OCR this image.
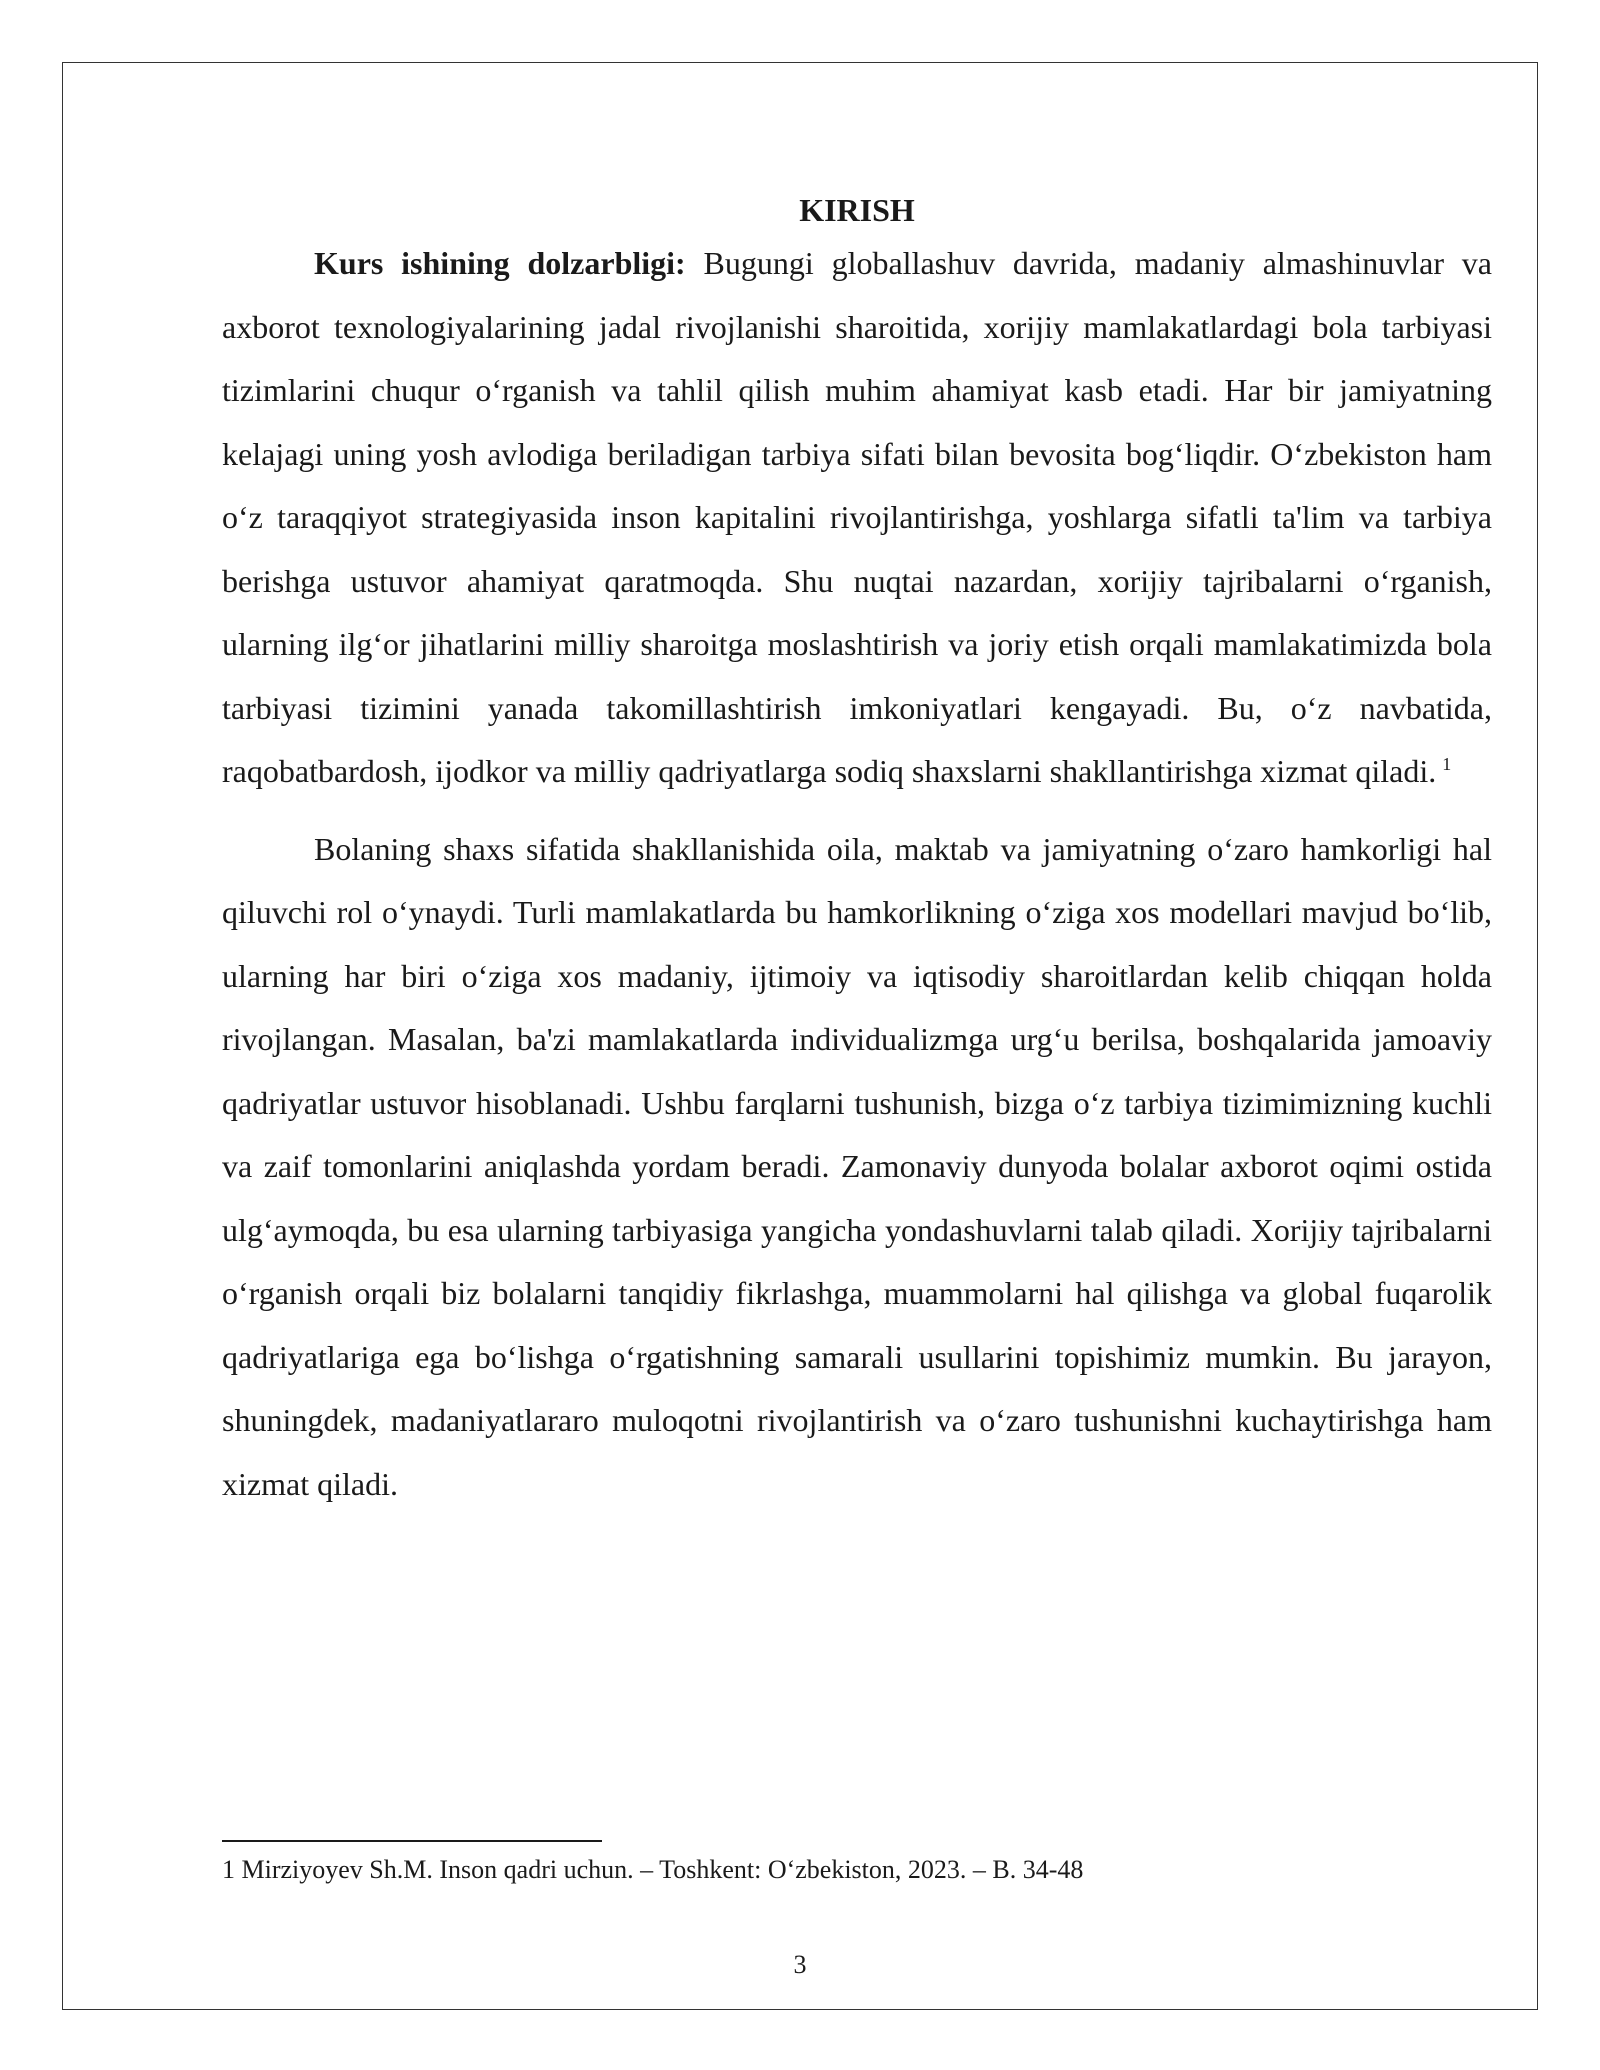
KIRISH

Kurs ishining dolzarbligi: Bugungi globallashuv davrida, madaniy almashinuvlar va axborot texnologiyalarining jadal rivojlanishi sharoitida, xorijiy mamlakatlardagi bola tarbiyasi tizimlarini chuqur o‘rganish va tahlil qilish muhim ahamiyat kasb etadi. Har bir jamiyatning kelajagi uning yosh avlodiga beriladigan tarbiya sifati bilan bevosita bog‘liqdir. O‘zbekiston ham o‘z taraqqiyot strategiyasida inson kapitalini rivojlantirishga, yoshlarga sifatli ta'lim va tarbiya berishga ustuvor ahamiyat qaratmoqda. Shu nuqtai nazardan, xorijiy tajribalarni o‘rganish, ularning ilg‘or jihatlarini milliy sharoitga moslashtirish va joriy etish orqali mamlakatimizda bola tarbiyasi tizimini yanada takomillashtirish imkoniyatlari kengayadi. Bu, o‘z navbatida, raqobatbardosh, ijodkor va milliy qadriyatlarga sodiq shaxslarni shakllantirishga xizmat qiladi. $^1$

Bolaning shaxs sifatida shakllanishida oila, maktab va jamiyatning o‘zaro hamkorligi hal qiluvchi rol o‘ynaydi. Turli mamlakatlarda bu hamkorlikning o‘ziga xos modellari mavjud bo‘lib, ularning har biri o‘ziga xos madaniy, ijtimoiy va iqtisodiy sharoitlardan kelib chiqqan holda rivojlangan. Masalan, ba'zi mamlakatlarda individualizmga urg‘u berilsa, boshqalarida jamoaviy qadriyatlar ustuvor hisoblanadi. Ushbu farqlarni tushunish, bizga o‘z tarbiya tizimimizning kuchli va zaif tomonlarini aniqlashda yordam beradi. Zamonaviy dunyoda bolalar axborot oqimi ostida ulg‘aymoqda, bu esa ularning tarbiyasiga yangicha yondashuvlarni talab qiladi. Xorijiy tajribalarni o‘rganish orqali biz bolalarni tanqidiy fikrlashga, muammolarni hal qilishga va global fuqarolik qadriyatlariga ega bo‘lishga o‘rgatishning samarali usullarini topishimiz mumkin. Bu jarayon, shuningdek, madaniyatlararo muloqotni rivojlantirish va o‘zaro tushunishni kuchaytirishga ham xizmat qiladi.

1 Mirziyoyev Sh.M. Inson qadri uchun. – Toshkent: O‘zbekiston, 2023. – B. 34-48
3
